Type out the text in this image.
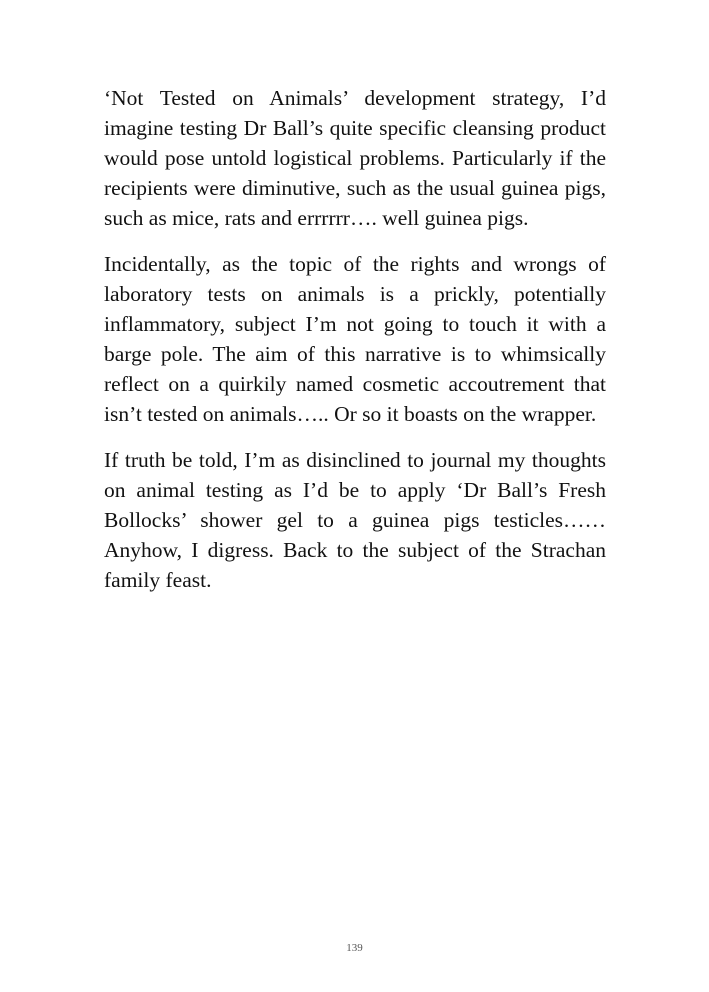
‘Not Tested on Animals’ development strategy, I’d imagine testing Dr Ball’s quite specific cleansing product would pose untold logistical problems. Particularly if the recipients were diminutive, such as the usual guinea pigs, such as mice, rats and errrrrr…. well guinea pigs.

Incidentally, as the topic of the rights and wrongs of laboratory tests on animals is a prickly, potentially inflammatory, subject I’m not going to touch it with a barge pole. The aim of this narrative is to whimsically reflect on a quirkily named cosmetic accoutrement that isn’t tested on animals….. Or so it boasts on the wrapper.

If truth be told, I’m as disinclined to journal my thoughts on animal testing as I’d be to apply ‘Dr Ball’s Fresh Bollocks’ shower gel to a guinea pigs testicles…… Anyhow, I digress. Back to the subject of the Strachan family feast.

139
